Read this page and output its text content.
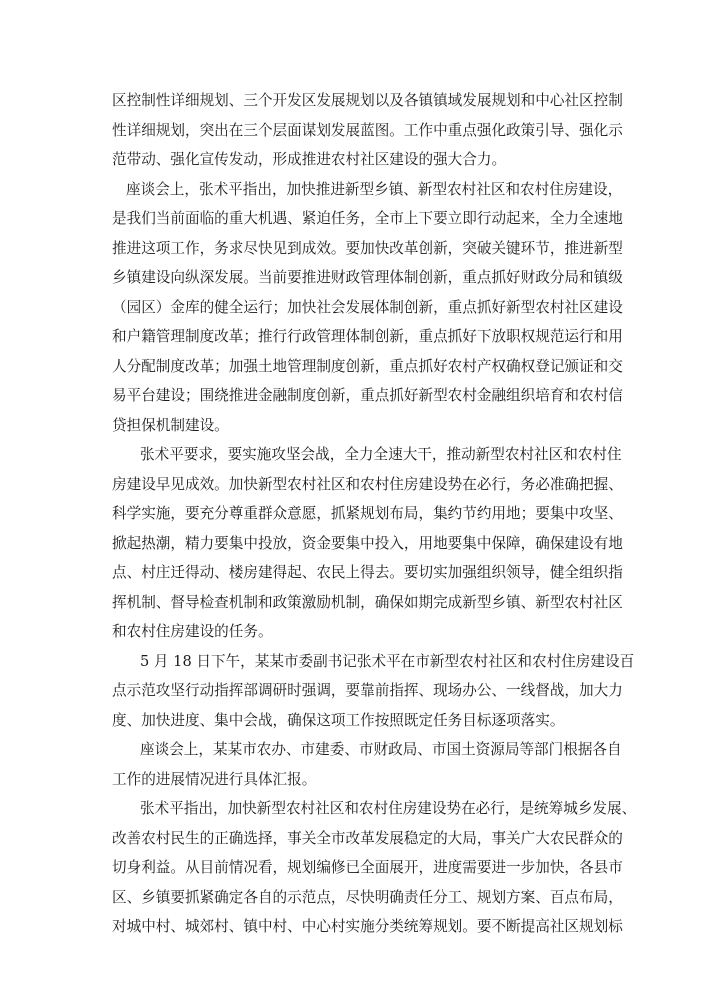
区控制性详细规划、三个开发区发展规划以及各镇镇域发展规划和中心社区控制
性详细规划，突出在三个层面谋划发展蓝图。工作中重点强化政策引导、强化示
范带动、强化宣传发动，形成推进农村社区建设的强大合力。
座谈会上，张术平指出，加快推进新型乡镇、新型农村社区和农村住房建设，
是我们当前面临的重大机遇、紧迫任务，全市上下要立即行动起来，全力全速地
推进这项工作，务求尽快见到成效。要加快改革创新，突破关键环节，推进新型
乡镇建设向纵深发展。当前要推进财政管理体制创新，重点抓好财政分局和镇级
（园区）金库的健全运行；加快社会发展体制创新，重点抓好新型农村社区建设
和户籍管理制度改革；推行行政管理体制创新，重点抓好下放职权规范运行和用
人分配制度改革；加强土地管理制度创新，重点抓好农村产权确权登记颁证和交
易平台建设；围绕推进金融制度创新，重点抓好新型农村金融组织培育和农村信
贷担保机制建设。
张术平要求，要实施攻坚会战，全力全速大干，推动新型农村社区和农村住
房建设早见成效。加快新型农村社区和农村住房建设势在必行，务必准确把握、
科学实施，要充分尊重群众意愿，抓紧规划布局，集约节约用地；要集中攻坚、
掀起热潮，精力要集中投放，资金要集中投入，用地要集中保障，确保建设有地
点、村庄迁得动、楼房建得起、农民上得去。要切实加强组织领导，健全组织指
挥机制、督导检查机制和政策激励机制，确保如期完成新型乡镇、新型农村社区
和农村住房建设的任务。
5 月 18 日下午，某某市委副书记张术平在市新型农村社区和农村住房建设百
点示范攻坚行动指挥部调研时强调，要靠前指挥、现场办公、一线督战，加大力
度、加快进度、集中会战，确保这项工作按照既定任务目标逐项落实。
座谈会上，某某市农办、市建委、市财政局、市国土资源局等部门根据各自
工作的进展情况进行具体汇报。
张术平指出，加快新型农村社区和农村住房建设势在必行，是统筹城乡发展、
改善农村民生的正确选择，事关全市改革发展稳定的大局，事关广大农民群众的
切身利益。从目前情况看，规划编修已全面展开，进度需要进一步加快，各县市
区、乡镇要抓紧确定各自的示范点，尽快明确责任分工、规划方案、百点布局，
对城中村、城郊村、镇中村、中心村实施分类统筹规划。要不断提高社区规划标
